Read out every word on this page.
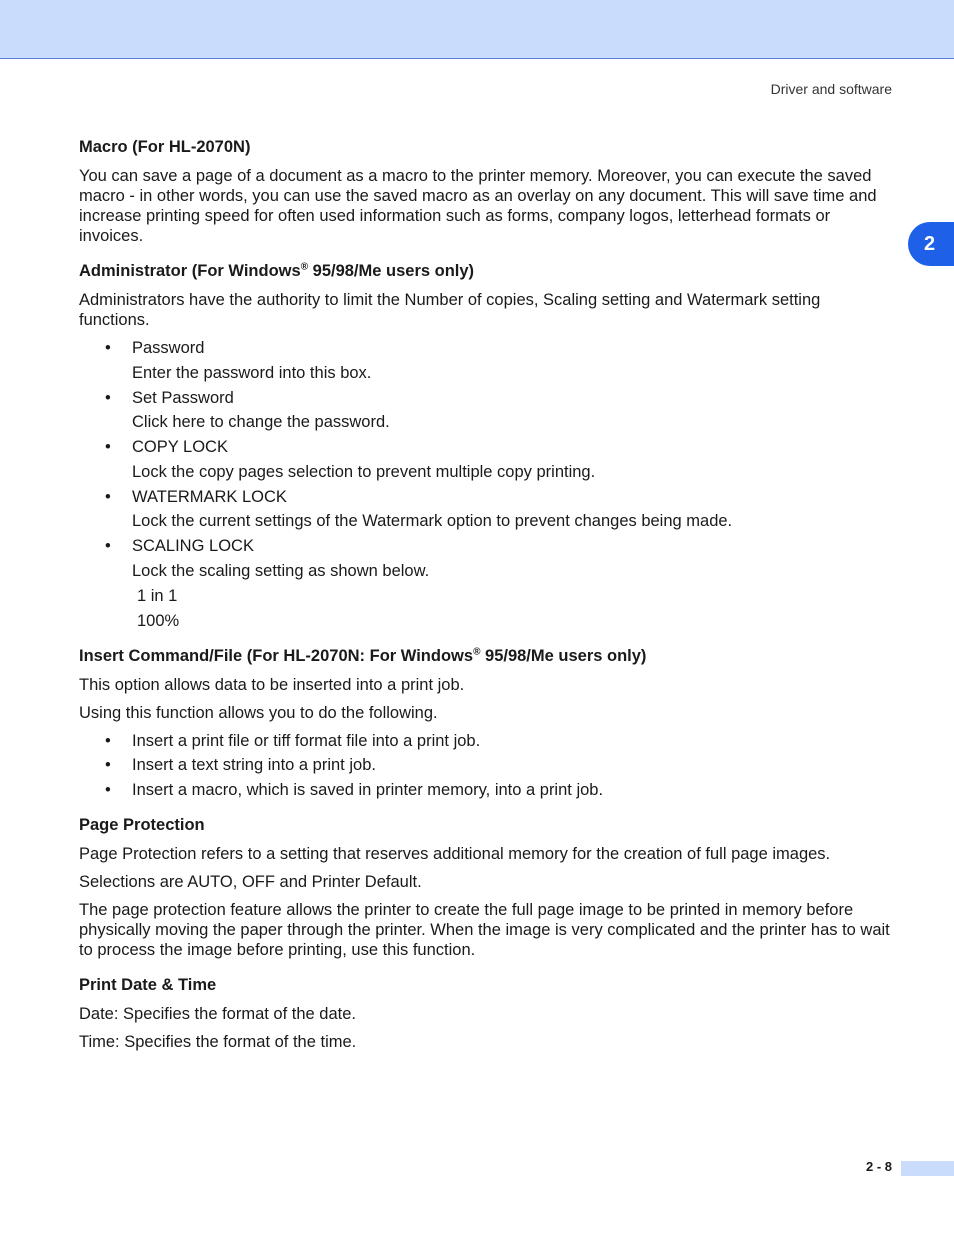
Driver and software
2
Macro (For HL-2070N)

You can save a page of a document as a macro to the printer memory. Moreover, you can execute the saved macro - in other words, you can use the saved macro as an overlay on any document. This will save time and increase printing speed for often used information such as forms, company logos, letterhead formats or invoices.

Administrator (For Windows® 95/98/Me users only)

Administrators have the authority to limit the Number of copies, Scaling setting and Watermark setting functions.

• Password
Enter the password into this box.
• Set Password
Click here to change the password.
• COPY LOCK
Lock the copy pages selection to prevent multiple copy printing.
• WATERMARK LOCK
Lock the current settings of the Watermark option to prevent changes being made.
• SCALING LOCK
Lock the scaling setting as shown below.
1 in 1
100%
Insert Command/File (For HL-2070N: For Windows® 95/98/Me users only)

This option allows data to be inserted into a print job.

Using this function allows you to do the following.

• Insert a print file or tiff format file into a print job.
• Insert a text string into a print job.
• Insert a macro, which is saved in printer memory, into a print job.
Page Protection

Page Protection refers to a setting that reserves additional memory for the creation of full page images.

Selections are AUTO, OFF and Printer Default.

The page protection feature allows the printer to create the full page image to be printed in memory before physically moving the paper through the printer. When the image is very complicated and the printer has to wait to process the image before printing, use this function.

Print Date & Time

Date: Specifies the format of the date.

Time: Specifies the format of the time.

2 - 8
